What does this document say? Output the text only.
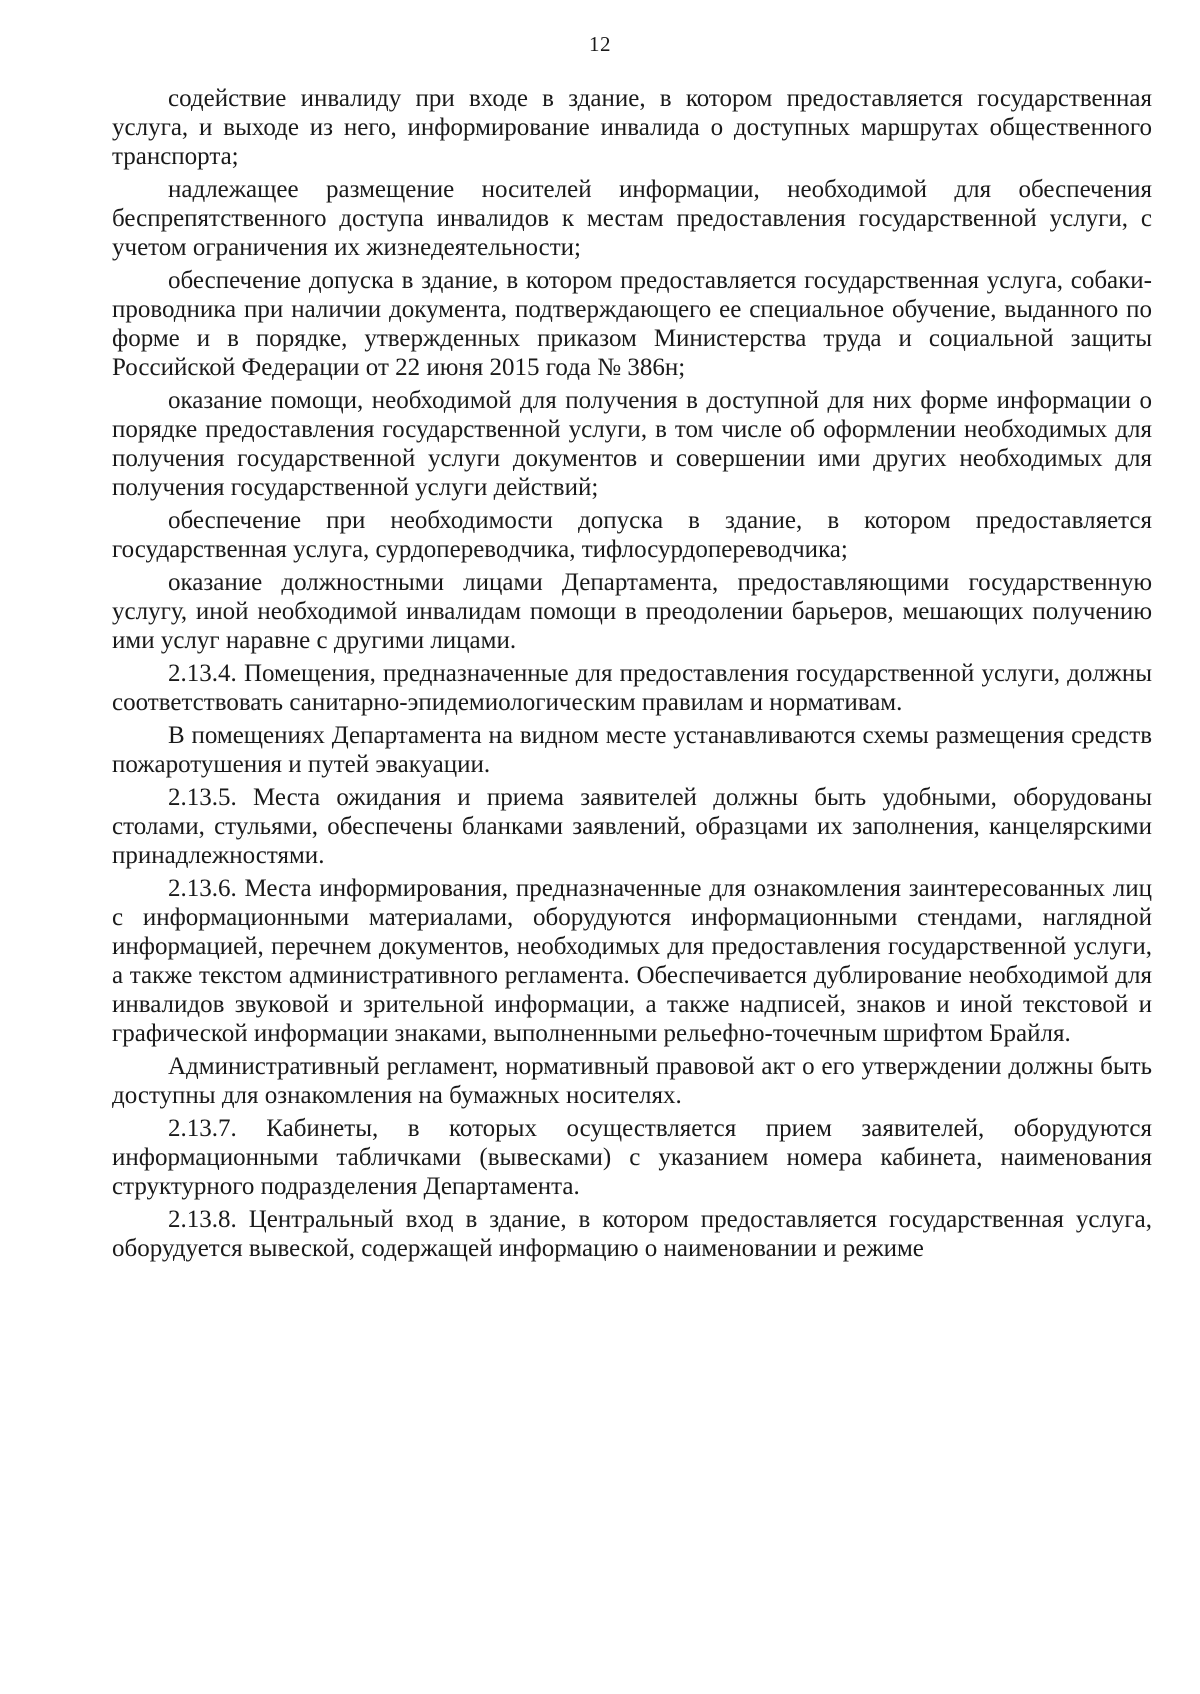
12

содействие инвалиду при входе в здание, в котором предоставляется государственная услуга, и выходе из него, информирование инвалида о доступных маршрутах общественного транспорта;

надлежащее размещение носителей информации, необходимой для обеспечения беспрепятственного доступа инвалидов к местам предоставления государственной услуги, с учетом ограничения их жизнедеятельности;

обеспечение допуска в здание, в котором предоставляется государственная услуга, собаки-проводника при наличии документа, подтверждающего ее специальное обучение, выданного по форме и в порядке, утвержденных приказом Министерства труда и социальной защиты Российской Федерации от 22 июня 2015 года № 386н;

оказание помощи, необходимой для получения в доступной для них форме информации о порядке предоставления государственной услуги, в том числе об оформлении необходимых для получения государственной услуги документов и совершении ими других необходимых для получения государственной услуги действий;

обеспечение при необходимости допуска в здание, в котором предоставляется государственная услуга, сурдопереводчика, тифлосурдопереводчика;

оказание должностными лицами Департамента, предоставляющими государственную услугу, иной необходимой инвалидам помощи в преодолении барьеров, мешающих получению ими услуг наравне с другими лицами.

2.13.4. Помещения, предназначенные для предоставления государственной услуги, должны соответствовать санитарно-эпидемиологическим правилам и нормативам.

В помещениях Департамента на видном месте устанавливаются схемы размещения средств пожаротушения и путей эвакуации.

2.13.5. Места ожидания и приема заявителей должны быть удобными, оборудованы столами, стульями, обеспечены бланками заявлений, образцами их заполнения, канцелярскими принадлежностями.

2.13.6. Места информирования, предназначенные для ознакомления заинтересованных лиц с информационными материалами, оборудуются информационными стендами, наглядной информацией, перечнем документов, необходимых для предоставления государственной услуги, а также текстом административного регламента. Обеспечивается дублирование необходимой для инвалидов звуковой и зрительной информации, а также надписей, знаков и иной текстовой и графической информации знаками, выполненными рельефно-точечным шрифтом Брайля.

Административный регламент, нормативный правовой акт о его утверждении должны быть доступны для ознакомления на бумажных носителях.

2.13.7. Кабинеты, в которых осуществляется прием заявителей, оборудуются информационными табличками (вывесками) с указанием номера кабинета, наименования структурного подразделения Департамента.

2.13.8. Центральный вход в здание, в котором предоставляется государственная услуга, оборудуется вывеской, содержащей информацию о наименовании и режиме
